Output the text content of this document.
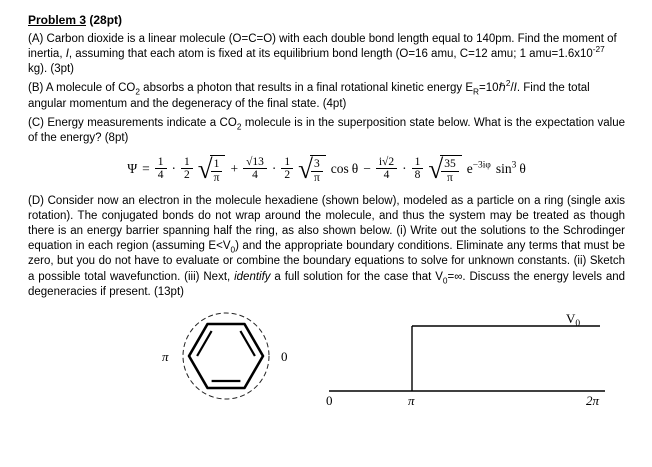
Problem 3 (28pt)

(A) Carbon dioxide is a linear molecule (O=C=O) with each double bond length equal to 140pm. Find the moment of inertia, I, assuming that each atom is fixed at its equilibrium bond length (O=16 amu, C=12 amu; 1 $amu=1.6x10^{-27}$ kg). (3pt)

(B) A molecule of $CO_2$ absorbs a photon that results in a final rotational kinetic energy $E_R=10\hbar^2/I$. Find the total angular momentum and the degeneracy of the final state. (4pt)

(C) Energy measurements indicate a $CO_2$ molecule is in the superposition state below. What is the expectation value of the energy? (8pt)

$\Psi = \frac{1}{4} \cdot \frac{1}{2}$ √
$\frac{1}{\pi} + \frac{√13}{4} \cdot \frac{1}{2}$ √
$\frac{3}{\pi}$ $\cos \theta - \frac{i√2}{4} \cdot \frac{1}{8}$ √
$\frac{35}{\pi} e^{-3i\varphi}$ $\sin^3 \theta$

(D) Consider now an electron in the molecule hexadiene (shown below), modeled as a particle on a ring (single axis rotation). The conjugated bonds do not wrap around the molecule, and thus the system may be treated as though there is an energy barrier spanning half the ring, as also shown below. (i) Write out the solutions to the Schrodinger equation in each region (assuming $E<V_0$) and the appropriate boundary conditions. Eliminate any terms that must be zero, but you do not have to evaluate or combine the boundary equations to solve for unknown constants. (ii) Sketch a possible total wavefunction. (iii) Next, identify a full solution for the case that $V_0=\infty$. Discuss the energy levels and degeneracies if present. (13pt)

π	0
0	π	2π
$V_0$
